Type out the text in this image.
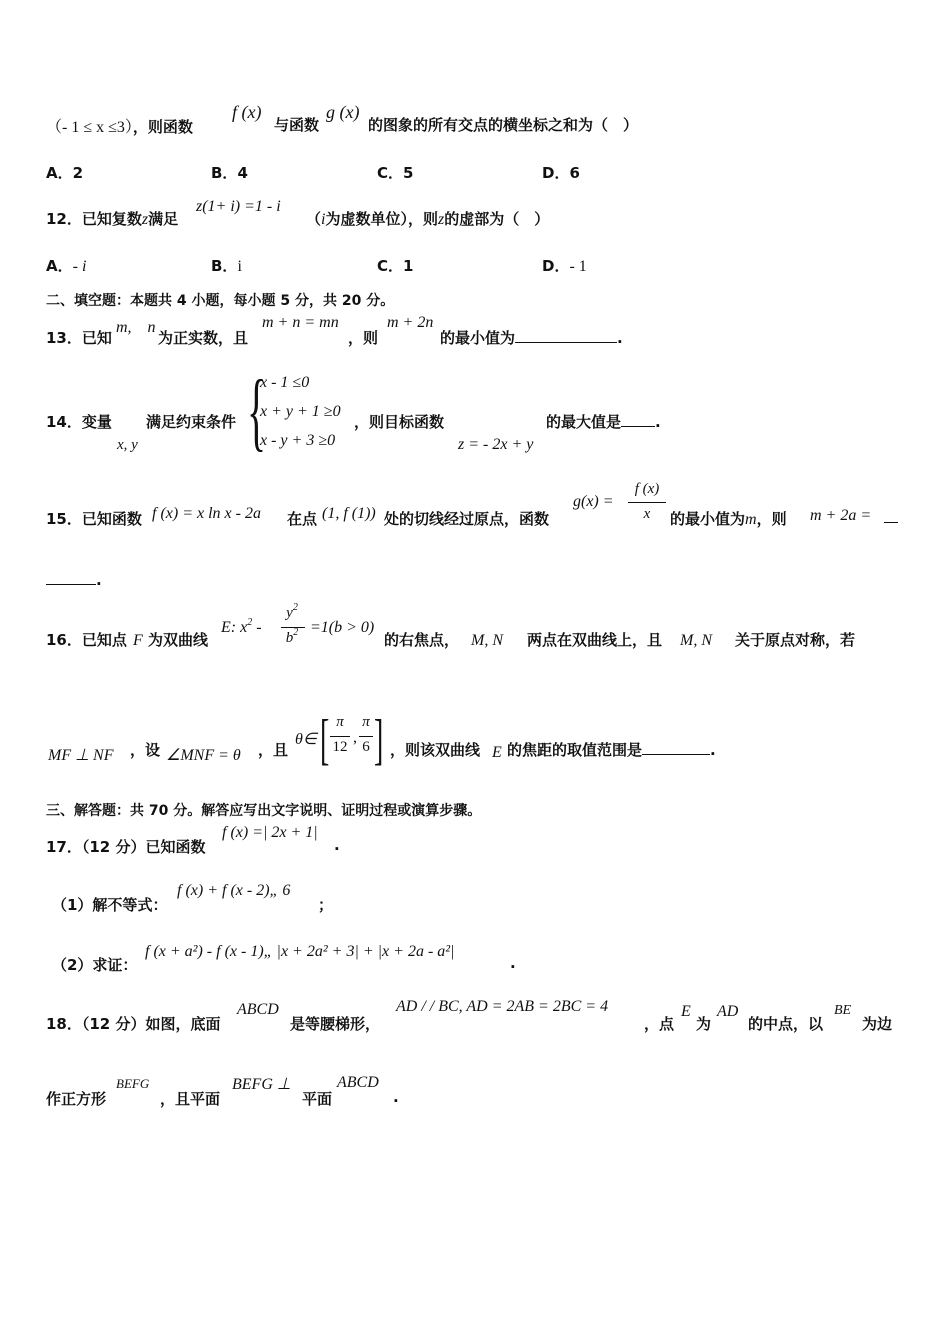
（- 1 ≤ x ≤3），则函数
f (x)
与函数
g (x)
的图象的所有交点的横坐标之和为（　）
A．2	B．4	C．5	D．6
12．已知复数z满足
z(1+ i) =1 - i
（i为虚数单位），则z的虚部为（　）
A．- i	B．i	C．1	D．- 1
二、填空题：本题共 4 小题，每小题 5 分，共 20 分。
13．已知
m,　n
为正实数，且
m + n = mn
，则
m + 2n
的最小值为	.
14．变量
x, y
满足约束条件 {
x - 1 ≤0
x + y + 1 ≥0
x - y + 3 ≥0
，则目标函数
z = - 2x + y
的最大值是 .
15．已知函数 f (x) = x ln x - 2a 在点 (1, f (1)) 处的切线经过原点，函数
g(x) =
f (x)
x	的最小值为m，则 m + 2a =
.
16．已知点 F 为双曲线
E: $x^2$ -
$y^2$
$b^2 =1(b > 0)$
的右焦点， M, N 两点在双曲线上，且 M, N 关于原点对称，若
MF ⊥ NF ，设 ∠MNF = θ ，且
θ∈ [ π
12
,
π
6 ] ，则该双曲线 E 的焦距的取值范围是	.
三、解答题：共 70 分。解答应写出文字说明、证明过程或演算步骤。
17．（12 分）已知函数
f (x) =| 2x + 1|
.
（1）解不等式：
f (x) + f (x - 2)„ 6
；
（2）求证：
f (x + a²) - f (x - 1)„ |x + 2a² + 3| + |x + 2a - a²|
.
18．（12 分）如图，底面
ABCD
是等腰梯形，
AD / / BC, AD = 2AB = 2BC = 4
，点
E
为
AD
的中点，以
BE
为边
作正方形
BEFG
，且平面
BEFG ⊥
平面
ABCD
.
